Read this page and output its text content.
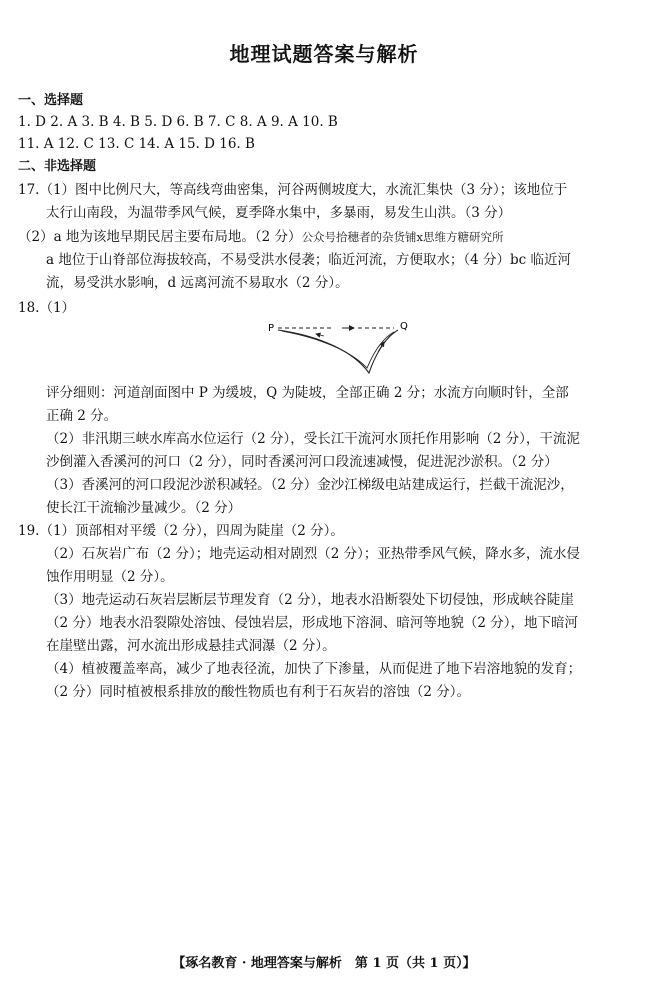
地理试题答案与解析
一、选择题
1. D 2. A 3. B 4. B 5. D 6. B 7. C 8. A 9. A 10. B
11. A 12. C 13. C 14. A 15. D 16. B
二、非选择题
17.（1）图中比例尺大，等高线弯曲密集，河谷两侧坡度大，水流汇集快（3 分）；该地位于
太行山南段，为温带季风气候，夏季降水集中，多暴雨，易发生山洪。（3 分）
（2）a 地为该地早期民居主要布局地。（2 分）公众号拾穗者的杂货铺x思维方糖研究所
a 地位于山脊部位海拔较高，不易受洪水侵袭；临近河流，方便取水；（4 分）bc 临近河
流，易受洪水影响，d 远离河流不易取水（2 分）。
18.（1）
P	Q
评分细则：河道剖面图中 P 为缓坡，Q 为陡坡，全部正确 2 分；水流方向顺时针，全部
正确 2 分。
（2）非汛期三峡水库高水位运行（2 分），受长江干流河水顶托作用影响（2 分），干流泥
沙倒灌入香溪河的河口（2 分），同时香溪河河口段流速减慢，促进泥沙淤积。（2 分）
（3）香溪河的河口段泥沙淤积减轻。（2 分）金沙江梯级电站建成运行，拦截干流泥沙，
使长江干流输沙量减少。（2 分）
19.（1）顶部相对平缓（2 分），四周为陡崖（2 分）。
（2）石灰岩广布（2 分）；地壳运动相对剧烈（2 分）；亚热带季风气候，降水多，流水侵
蚀作用明显（2 分）。
（3）地壳运动石灰岩层断层节理发育（2 分），地表水沿断裂处下切侵蚀，形成峡谷陡崖
（2 分）地表水沿裂隙处溶蚀、侵蚀岩层，形成地下溶洞、暗河等地貌（2 分），地下暗河
在崖壁出露，河水流出形成悬挂式洞瀑（2 分）。
（4）植被覆盖率高，减少了地表径流，加快了下渗量，从而促进了地下岩溶地貌的发育；
（2 分）同时植被根系排放的酸性物质也有利于石灰岩的溶蚀（2 分）。
【琢名教育 · 地理答案与解析　第 1 页（共 1 页）】
